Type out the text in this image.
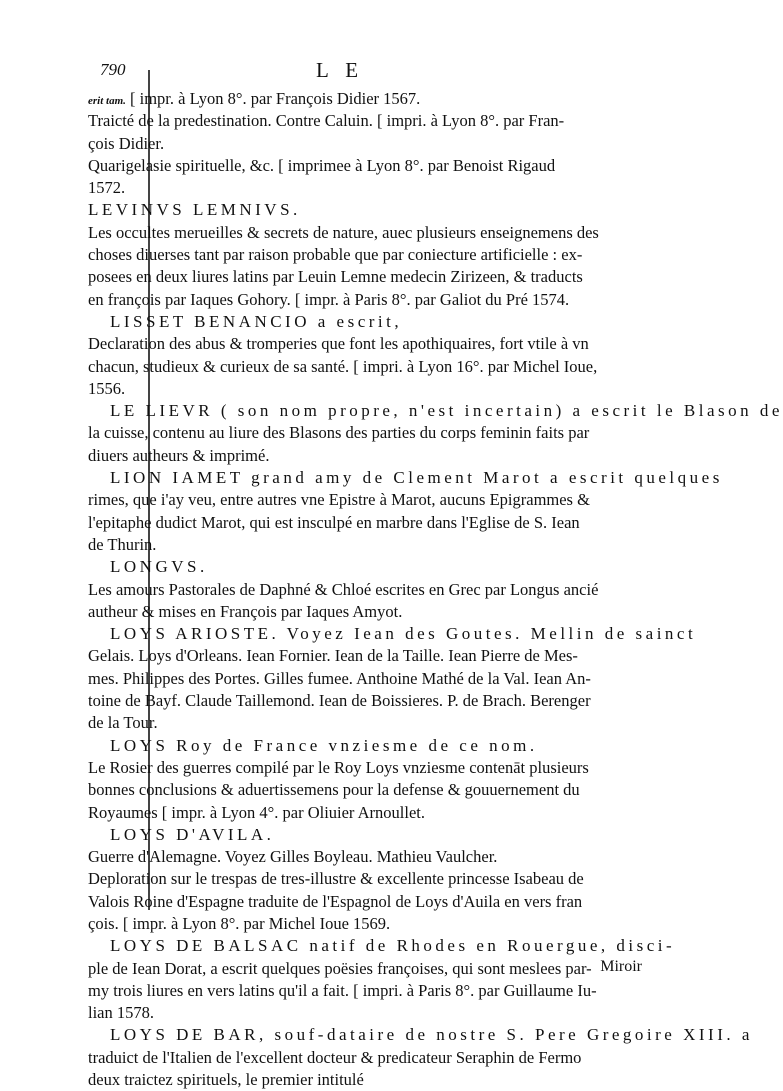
790	L E
erit tam. [ impr. à Lyon 8°. par François Didier 1567.
Traicté de la predestination. Contre Caluin. [ impri. à Lyon 8°. par Fran-
çois Didier.
Quarigelasie spirituelle, &c. [ imprimee à Lyon 8°. par Benoist Rigaud
1572.
LEVINVS LEMNIVS.
Les occultes merueilles & secrets de nature, auec plusieurs enseignemens des
choses diuerses tant par raison probable que par coniecture artificielle : ex-
posees en deux liures latins par Leuin Lemne medecin Zirizeen, & traducts
en françois par Iaques Gohory. [ impr. à Paris 8°. par Galiot du Pré 1574.
LISSET BENANCIO a escrit,
Declaration des abus & tromperies que font les apothiquaires, fort vtile à vn
chacun, studieux & curieux de sa santé. [ impri. à Lyon 16°. par Michel Ioue,
1556.
LE LIEVR ( son nom propre, n'est incertain) a escrit le Blason de
la cuisse, contenu au liure des Blasons des parties du corps feminin faits par
diuers autheurs & imprimé.
LION IAMET grand amy de Clement Marot a escrit quelques
rimes, que i'ay veu, entre autres vne Epistre à Marot, aucuns Epigrammes &
l'epitaphe dudict Marot, qui est insculpé en marbre dans l'Eglise de S. Iean
de Thurin.
LONGVS.
Les amours Pastorales de Daphné & Chloé escrites en Grec par Longus ancié
autheur & mises en François par Iaques Amyot.
LOYS ARIOSTE. Voyez Iean des Goutes. Mellin de sainct
Gelais. Loys d'Orleans. Iean Fornier. Iean de la Taille. Iean Pierre de Mes-
mes. Philippes des Portes. Gilles fumee. Anthoine Mathé de la Val. Iean An-
toine de Bayf. Claude Taillemond. Iean de Boissieres. P. de Brach. Berenger
de la Tour.
LOYS Roy de France vnziesme de ce nom.
Le Rosier des guerres compilé par le Roy Loys vnziesme contenāt plusieurs
bonnes conclusions & aduertissemens pour la defense & gouuernement du
Royaumes [ impr. à Lyon 4°. par Oliuier Arnoullet.
LOYS D'AVILA.
Guerre d'Alemagne. Voyez Gilles Boyleau. Mathieu Vaulcher.
Deploration sur le trespas de tres-illustre & excellente princesse Isabeau de
Valois Roine d'Espagne traduite de l'Espagnol de Loys d'Auila en vers fran
çois. [ impr. à Lyon 8°. par Michel Ioue 1569.
LOYS DE BALSAC natif de Rhodes en Rouergue, disci-
ple de Iean Dorat, a escrit quelques poësies françoises, qui sont meslees par-
my trois liures en vers latins qu'il a fait. [ impri. à Paris 8°. par Guillaume Iu-
lian 1578.
LOYS DE BAR, souf-dataire de nostre S. Pere Gregoire XIII. a
traduict de l'Italien de l'excellent docteur & predicateur Seraphin de Fermo
deux traictez spirituels, le premier intitulé
Miroir
